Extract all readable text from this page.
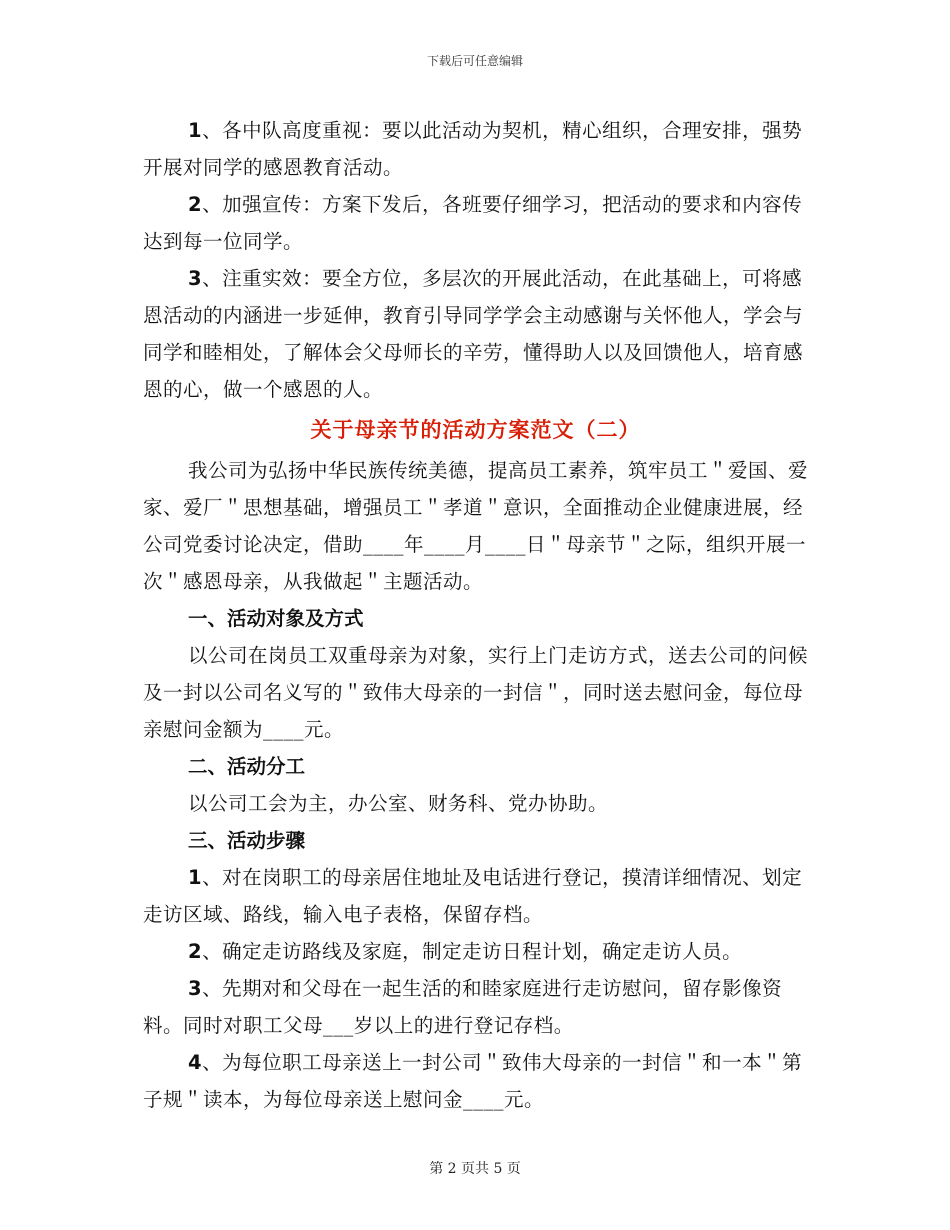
下载后可任意编辑

1、各中队高度重视：要以此活动为契机，精心组织，合理安排，强势开展对同学的感恩教育活动。

2、加强宣传：方案下发后，各班要仔细学习，把活动的要求和内容传达到每一位同学。

3、注重实效：要全方位，多层次的开展此活动，在此基础上，可将感恩活动的内涵进一步延伸，教育引导同学学会主动感谢与关怀他人，学会与同学和睦相处，了解体会父母师长的辛劳，懂得助人以及回馈他人，培育感恩的心，做一个感恩的人。

关于母亲节的活动方案范文（二）

我公司为弘扬中华民族传统美德，提高员工素养，筑牢员工＂爱国、爱家、爱厂＂思想基础，增强员工＂孝道＂意识，全面推动企业健康进展，经公司党委讨论决定，借助____年____月____日＂母亲节＂之际，组织开展一次＂感恩母亲，从我做起＂主题活动。

一、活动对象及方式

以公司在岗员工双重母亲为对象，实行上门走访方式，送去公司的问候及一封以公司名义写的＂致伟大母亲的一封信＂，同时送去慰问金，每位母亲慰问金额为____元。

二、活动分工

以公司工会为主，办公室、财务科、党办协助。

三、活动步骤

1、对在岗职工的母亲居住地址及电话进行登记，摸清详细情况、划定走访区域、路线，输入电子表格，保留存档。

2、确定走访路线及家庭，制定走访日程计划，确定走访人员。

3、先期对和父母在一起生活的和睦家庭进行走访慰问，留存影像资料。同时对职工父母___岁以上的进行登记存档。

4、为每位职工母亲送上一封公司＂致伟大母亲的一封信＂和一本＂第子规＂读本，为每位母亲送上慰问金____元。

第 2 页共 5 页
